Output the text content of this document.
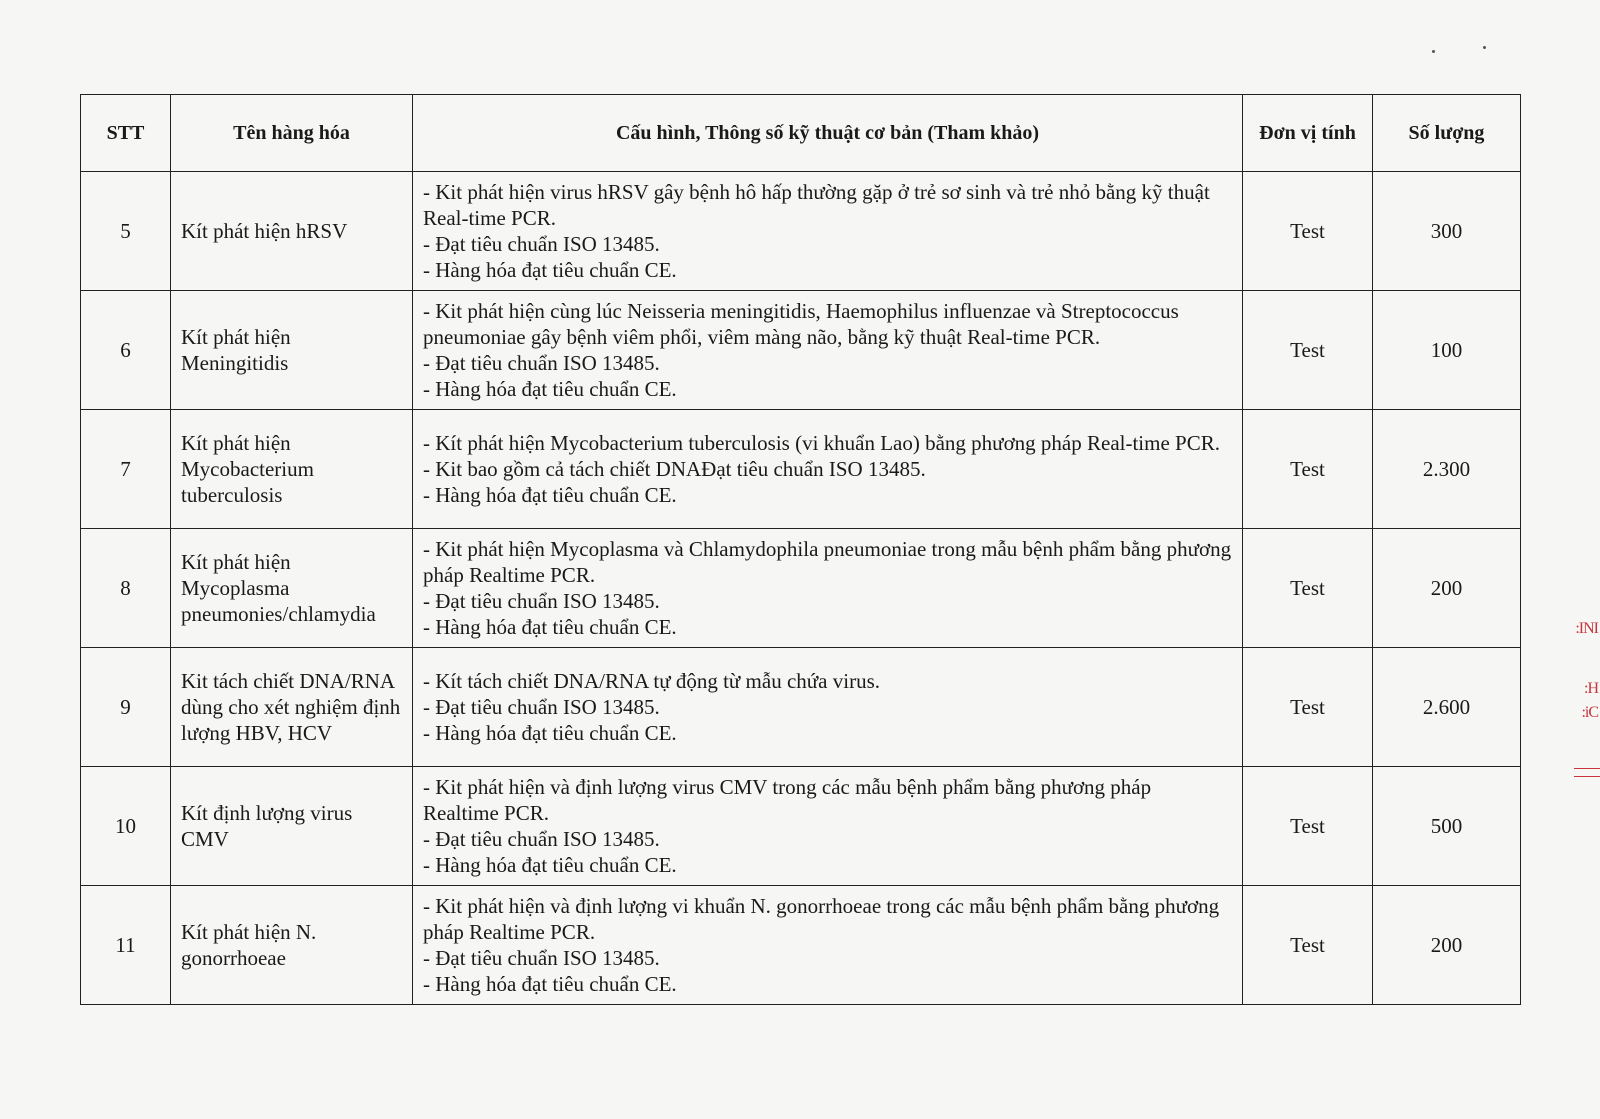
STT	Tên hàng hóa	Cấu hình, Thông số kỹ thuật cơ bản (Tham khảo)	Đơn vị tính	Số lượng
5	Kít phát hiện hRSV	- Kit phát hiện virus hRSV gây bệnh hô hấp thường gặp ở trẻ sơ sinh và trẻ nhỏ bằng kỹ thuật Real-time PCR.
- Đạt tiêu chuẩn ISO 13485.
- Hàng hóa đạt tiêu chuẩn CE.	Test	300
6	Kít phát hiện Meningitidis	- Kit phát hiện cùng lúc Neisseria meningitidis, Haemophilus influenzae và Streptococcus pneumoniae gây bệnh viêm phổi, viêm màng não, bằng kỹ thuật Real-time PCR.
- Đạt tiêu chuẩn ISO 13485.
- Hàng hóa đạt tiêu chuẩn CE.	Test	100
7	Kít phát hiện Mycobacterium tuberculosis	- Kít phát hiện Mycobacterium tuberculosis (vi khuẩn Lao) bằng phương pháp Real-time PCR.
- Kit bao gồm cả tách chiết DNAĐạt tiêu chuẩn ISO 13485.
- Hàng hóa đạt tiêu chuẩn CE.	Test	2.300
8	Kít phát hiện Mycoplasma pneumonies/chlamydia	- Kit phát hiện Mycoplasma và Chlamydophila pneumoniae trong mẫu bệnh phẩm bằng phương pháp Realtime PCR.
- Đạt tiêu chuẩn ISO 13485.
- Hàng hóa đạt tiêu chuẩn CE.	Test	200
9	Kit tách chiết DNA/RNA dùng cho xét nghiệm định lượng HBV, HCV	- Kít tách chiết DNA/RNA tự động từ mẫu chứa virus.
- Đạt tiêu chuẩn ISO 13485.
- Hàng hóa đạt tiêu chuẩn CE.	Test	2.600
10	Kít định lượng virus CMV	- Kit phát hiện và định lượng virus CMV trong các mẫu bệnh phẩm bằng phương pháp Realtime PCR.
- Đạt tiêu chuẩn ISO 13485.
- Hàng hóa đạt tiêu chuẩn CE.	Test	500
11	Kít phát hiện N. gonorrhoeae	- Kit phát hiện và định lượng vi khuẩn N. gonorrhoeae trong các mẫu bệnh phẩm bằng phương pháp Realtime PCR.
- Đạt tiêu chuẩn ISO 13485.
- Hàng hóa đạt tiêu chuẩn CE.	Test	200
:INI
:H
:iC
